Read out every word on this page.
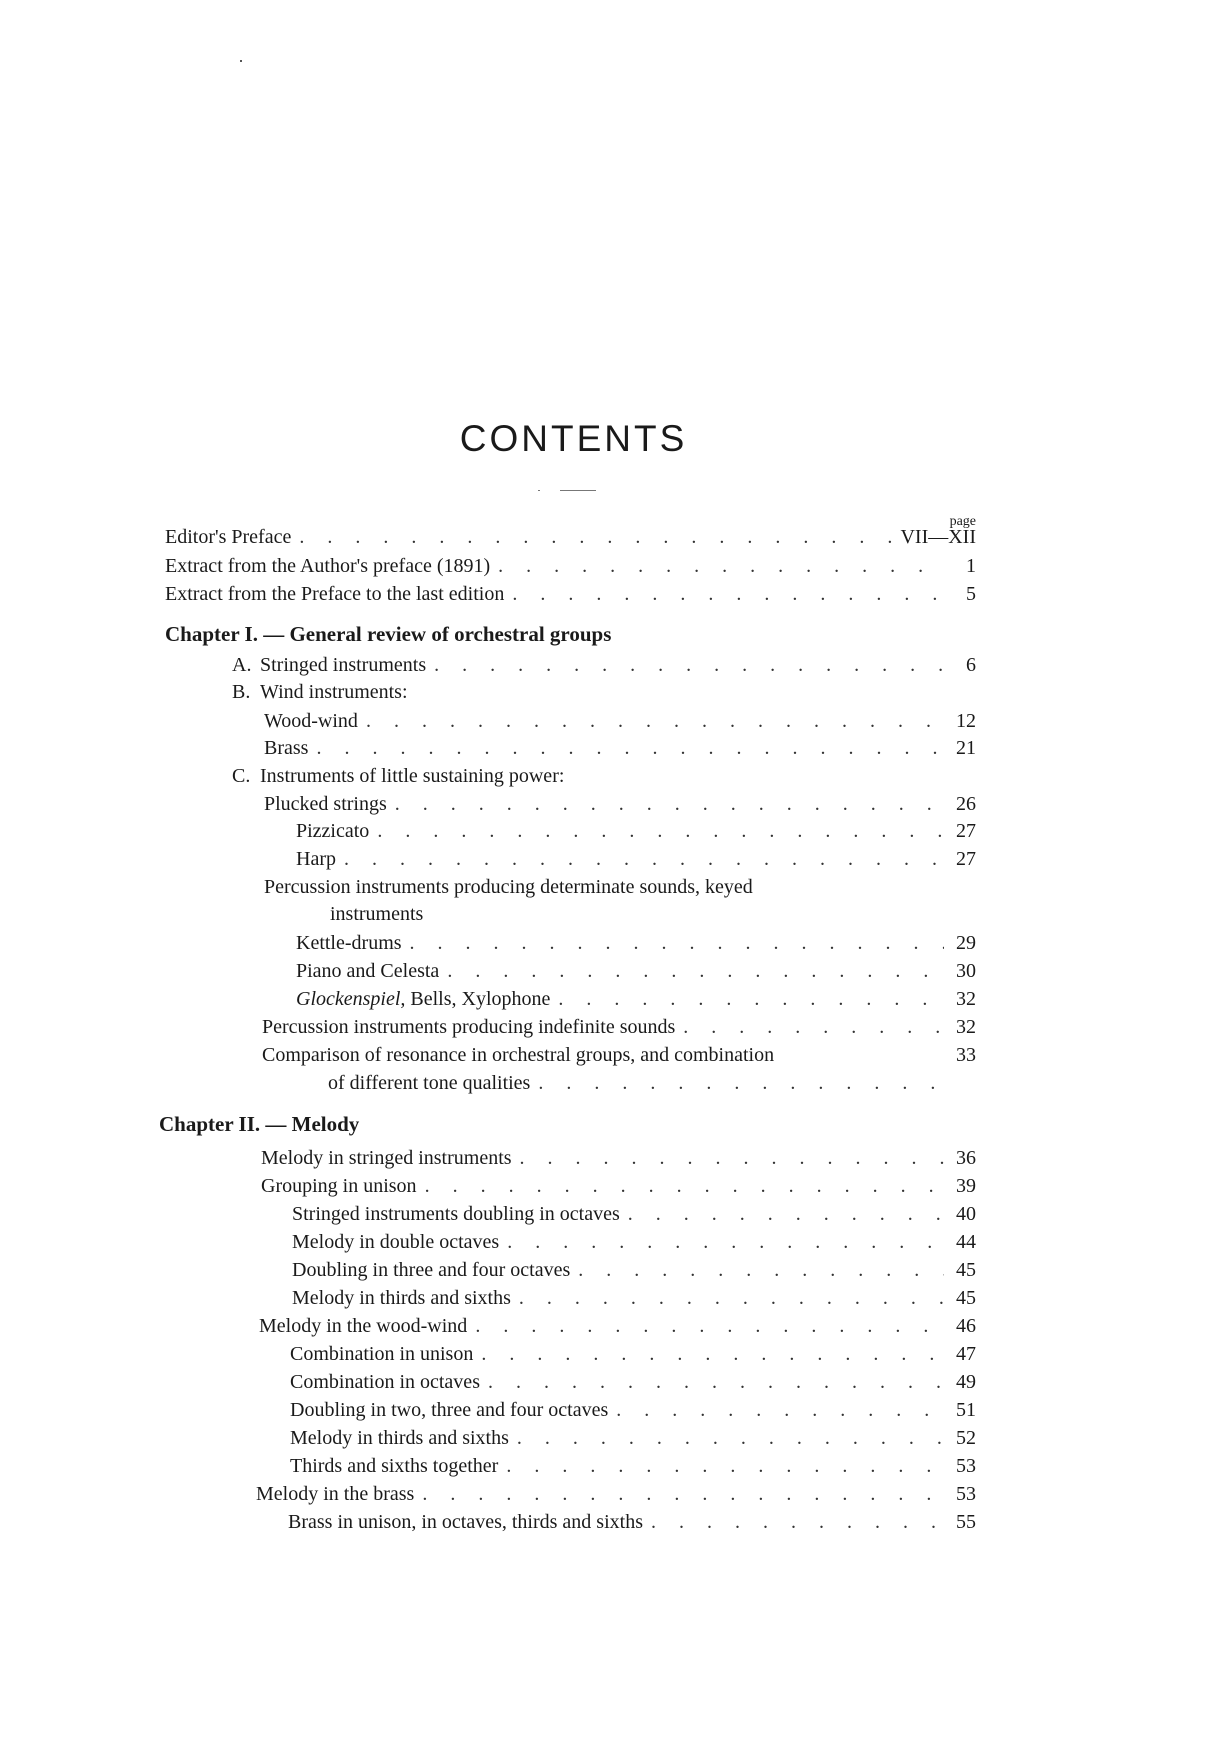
CONTENTS
page
Editor's Preface . . .	VII—XII
Extract from the Author's preface (1891) . . .	1
Extract from the Preface to the last edition . . .	5
Chapter I. — General review of orchestral groups
A. Stringed instruments . . .	6
B. Wind instruments:
Wood-wind . . .	12
Brass . . .	21
C. Instruments of little sustaining power:
Plucked strings . . .	26
Pizzicato . . .	27
Harp . . .	27
Percussion instruments producing determinate sounds, keyed
instruments
Kettle-drums . . .	29
Piano and Celesta . . .	30
Glockenspiel, Bells, Xylophone . . .	32
Percussion instruments producing indefinite sounds . . .	32
Comparison of resonance in orchestral groups, and combination	33
of different tone qualities
. . .
Chapter II. — Melody
Melody in stringed instruments . . .	36
Grouping in unison . . .	39
Stringed instruments doubling in octaves . . .	40
Melody in double octaves . . .	44
Doubling in three and four octaves . . .	45
Melody in thirds and sixths . . .	45
Melody in the wood-wind . . .	46
Combination in unison . . .	47
Combination in octaves . . .	49
Doubling in two, three and four octaves . . .	51
Melody in thirds and sixths . . .	52
Thirds and sixths together . . .	53
Melody in the brass . . .	53
Brass in unison, in octaves, thirds and sixths . . .	55
